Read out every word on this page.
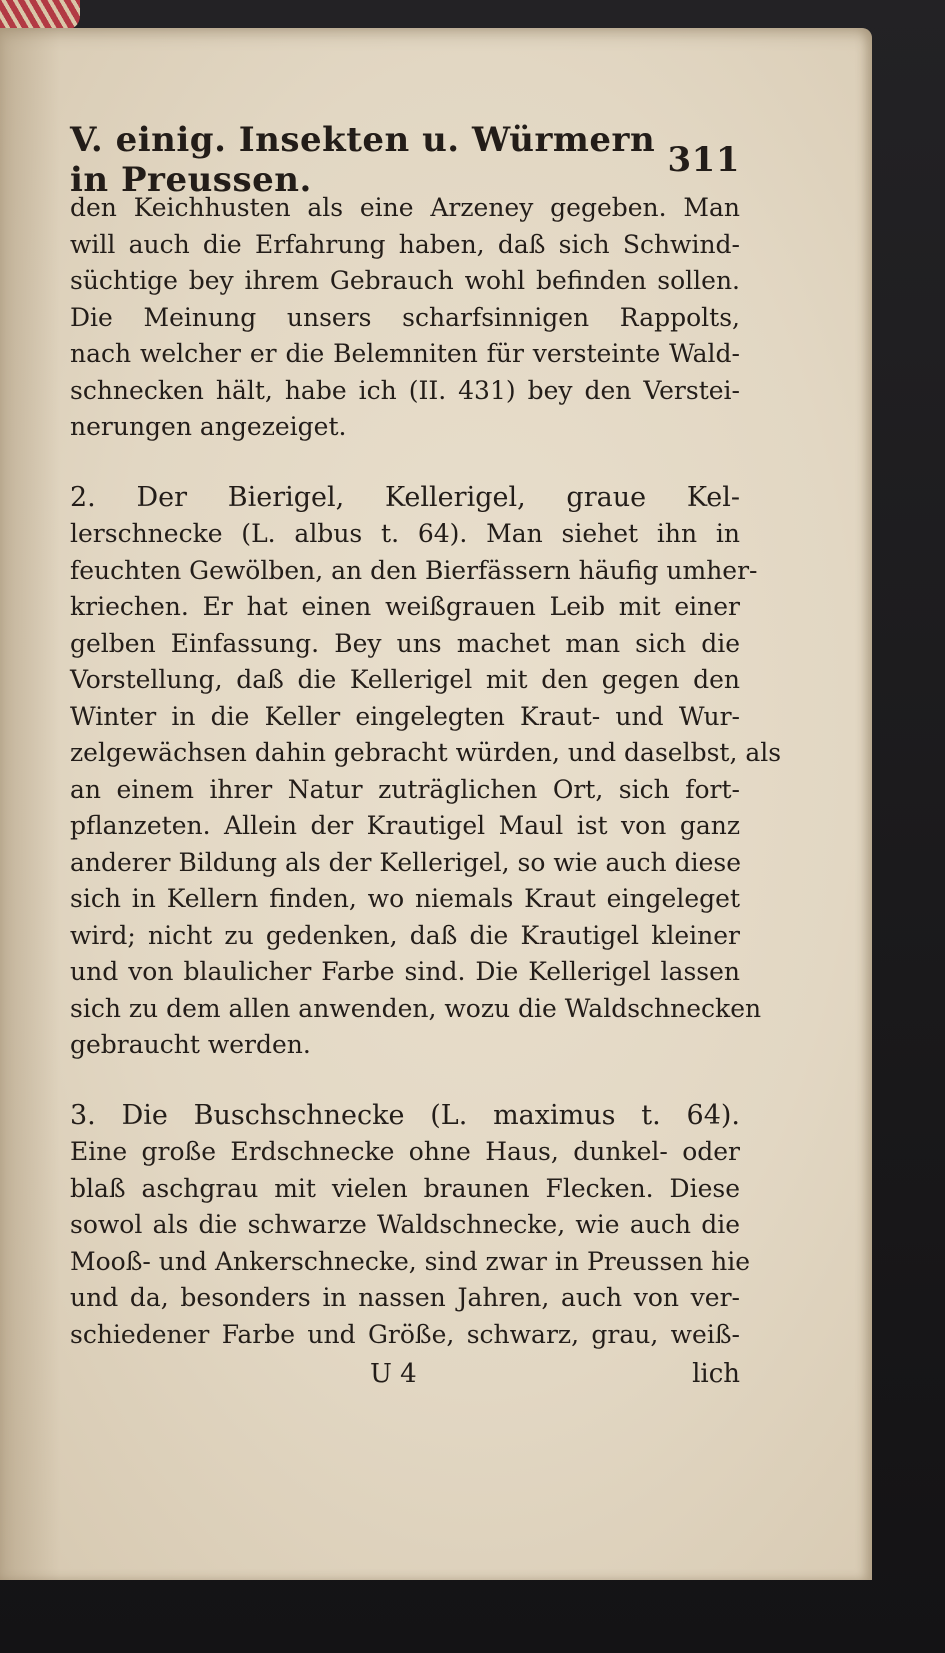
V. einig. Insekten u. Würmern in Preussen.	311
den Keichhusten als eine Arzeney gegeben. Man
will auch die Erfahrung haben, daß sich Schwind-
süchtige bey ihrem Gebrauch wohl befinden sollen.
Die Meinung unsers scharfsinnigen Rappolts,
nach welcher er die Belemniten für versteinte Wald-
schnecken hält, habe ich (II. 431) bey den Verstei-
nerungen angezeiget.
2. Der Bierigel, Kellerigel, graue Kel-
lerschnecke (L. albus t. 64). Man siehet ihn in
feuchten Gewölben, an den Bierfässern häufig umher-
kriechen. Er hat einen weißgrauen Leib mit einer
gelben Einfassung. Bey uns machet man sich die
Vorstellung, daß die Kellerigel mit den gegen den
Winter in die Keller eingelegten Kraut- und Wur-
zelgewächsen dahin gebracht würden, und daselbst, als
an einem ihrer Natur zuträglichen Ort, sich fort-
pflanzeten. Allein der Krautigel Maul ist von ganz
anderer Bildung als der Kellerigel, so wie auch diese
sich in Kellern finden, wo niemals Kraut eingeleget
wird; nicht zu gedenken, daß die Krautigel kleiner
und von blaulicher Farbe sind. Die Kellerigel lassen
sich zu dem allen anwenden, wozu die Waldschnecken
gebraucht werden.
3. Die Buschschnecke (L. maximus t. 64).
Eine große Erdschnecke ohne Haus, dunkel- oder
blaß aschgrau mit vielen braunen Flecken. Diese
sowol als die schwarze Waldschnecke, wie auch die
Mooß- und Ankerschnecke, sind zwar in Preussen hie
und da, besonders in nassen Jahren, auch von ver-
schiedener Farbe und Größe, schwarz, grau, weiß-
U 4	lich
